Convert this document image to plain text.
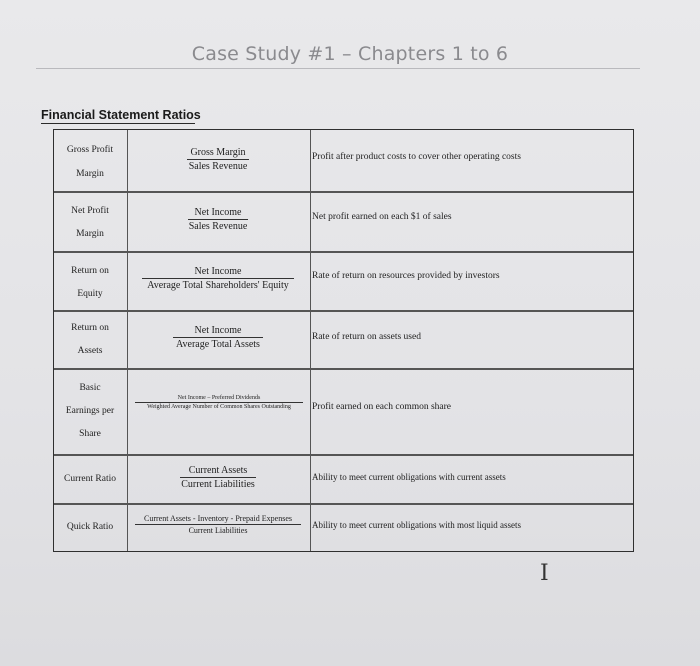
Case Study #1 – Chapters 1 to 6
Financial Statement Ratios
Gross Profit
Margin
Gross Margin
Sales Revenue
Profit after product costs to cover other operating costs
Net Profit
Margin
Net Income
Sales Revenue
Net profit earned on each $1 of sales
Return on
Equity
Net Income
Average Total Shareholders' Equity
Rate of return on resources provided by investors
Return on
Assets
Net Income
Average Total Assets
Rate of return on assets used
Basic
Earnings per
Share
Net Income – Preferred Dividends
Weighted Average Number of Common Shares Outstanding	Profit earned on each common share
Current Ratio
Current Assets
Current Liabilities
Ability to meet current obligations with current assets
Quick Ratio
Current Assets - Inventory - Prepaid Expenses
Current Liabilities
Ability to meet current obligations with most liquid assets
I
